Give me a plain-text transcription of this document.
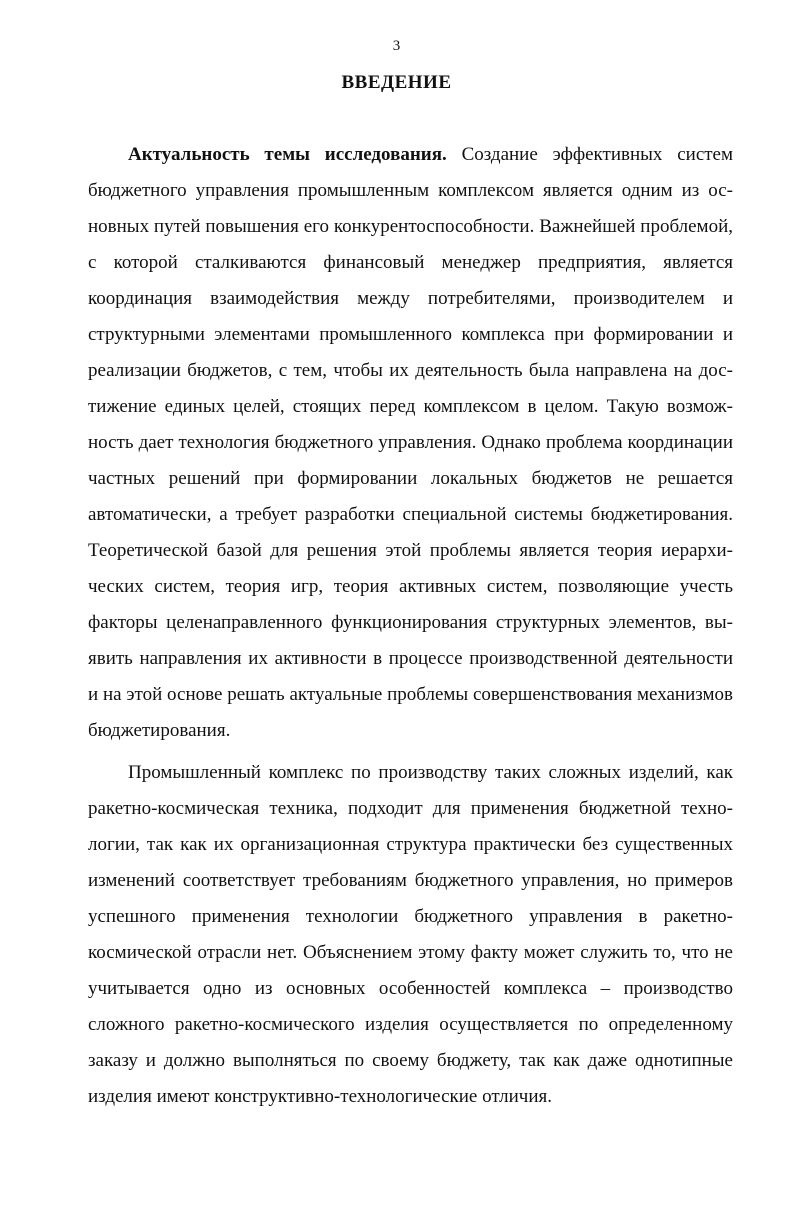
3
ВВЕДЕНИЕ

Актуальность темы исследования. Создание эффективных систем бюджетного управления промышленным комплексом является одним из основных путей повышения его конкурентоспособности. Важнейшей проблемой, с которой сталкиваются финансовый менеджер предприятия, является координация взаимодействия между потребителями, производителем и структурными элементами промышленного комплекса при формировании и реализации бюджетов, с тем, чтобы их деятельность была направлена на достижение единых целей, стоящих перед комплексом в целом. Такую возможность дает технология бюджетного управления. Однако проблема координации частных решений при формировании локальных бюджетов не решается автоматически, а требует разработки специальной системы бюджетирования. Теоретической базой для решения этой проблемы является теория иерархических систем, теория игр, теория активных систем, позволяющие учесть факторы целенаправленного функционирования структурных элементов, выявить направления их активности в процессе производственной деятельности и на этой основе решать актуальные проблемы совершенствования механизмов бюджетирования.

Промышленный комплекс по производству таких сложных изделий, как ракетно-космическая техника, подходит для применения бюджетной технологии, так как их организационная структура практически без существенных изменений соответствует требованиям бюджетного управления, но примеров успешного применения технологии бюджетного управления в ракетно-космической отрасли нет. Объяснением этому факту может служить то, что не учитывается одно из основных особенностей комплекса – производство сложного ракетно-космического изделия осуществляется по определенному заказу и должно выполняться по своему бюджету, так как даже однотипные изделия имеют конструктивно-технологические отличия.
